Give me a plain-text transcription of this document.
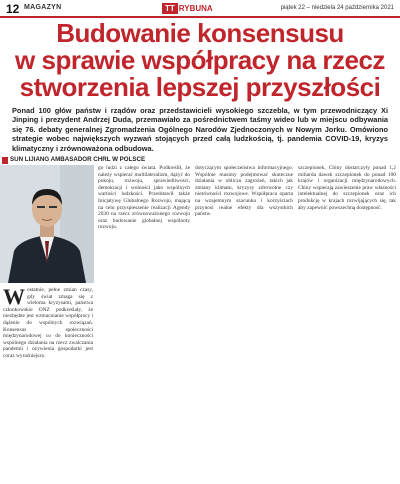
12 MAGAZYN	TT RYBUNA	piątek 22 – niedziela 24 października 2021
Budowanie konsensusu
w sprawie współpracy na rzecz
stworzenia lepszej przyszłości
Ponad 100 głów państw i rządów oraz przedstawicieli wysokiego szczebla, w tym przewodniczący Xi Jinping i prezydent Andrzej Duda, przemawiało za pośrednictwem taśmy wideo lub w miejscu odbywania się 76. debaty generalnej Zgromadzenia Ogólnego Narodów Zjednoczonych w Nowym Jorku. Omówiono strategie wobec największych wyzwań stojących przed całą ludzkością, tj. pandemia COVID-19, kryzys klimatyczny i zrównoważona odbudowa.
SUN LIJIANG AMBASADOR CHRL W POLSCE
W ostatnie, pełne zmian czasy, gdy świat zmaga się z wieloma kryzysami, państwa członkowskie ONZ podkreślały, że niezbędne jest wzmacnianie współpracy i dążenie do wspólnych rozwiązań. Konsensus społeczności międzynarodowej co do konieczności wspólnego działania na rzecz zwalczania pandemii i ożywienia gospodarki jest coraz wyraźniejszy.
go ludzi z całego świata. Podkreślił, że należy wspierać multilateralizm, dążyć do pokoju, rozwoju, sprawiedliwości, demokracji i wolności jako wspólnych wartości ludzkości. Przedstawił także Inicjatywę Globalnego Rozwoju, mającą na celu przyspieszenie realizacji Agendy 2030 na rzecz zrównoważonego rozwoju oraz budowanie globalnej wspólnoty rozwoju.
dotyczącym społeczeństwa informacyjnego. Wspólnie musimy podejmować skuteczne działania w obliczu zagrożeń, takich jak zmiany klimatu, kryzysy zdrowotne czy nierówności rozwojowe. Współpraca oparta na wzajemnym szacunku i korzyściach przynosi realne efekty dla wszystkich państw.
szczepionek, Chiny dostarczyły ponad 1,2 miliarda dawek szczepionek do ponad 100 krajów i organizacji międzynarodowych. Chiny wspierają zawieszenie praw własności intelektualnej do szczepionek oraz ich produkcję w krajach rozwijających się, tak aby zapewnić powszechną dostępność.
